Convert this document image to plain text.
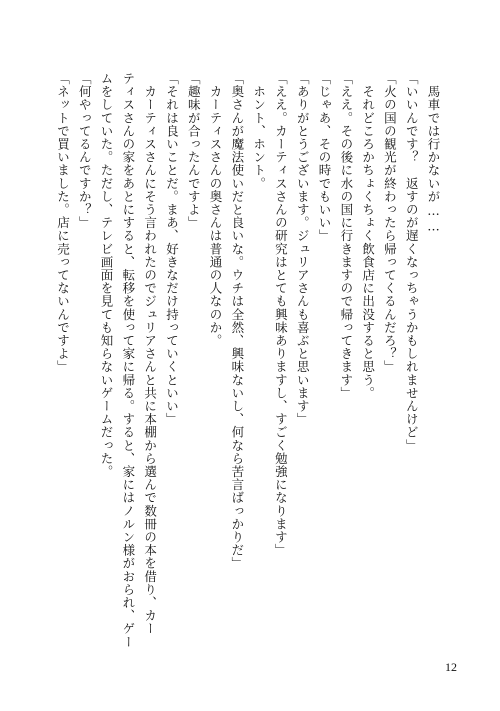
　馬車では行かないが……
「いいんです？　返すのが遅くなっちゃうかもしれませんけど」
「火の国の観光が終わったら帰ってくるんだろ？」
　それどころかちょくちょく飲食店に出没すると思う。
「ええ。その後に水の国に行きますので帰ってきます」
「じゃあ、その時でもいい」
「ありがとうございます。ジュリアさんも喜ぶと思います」
「ええ。カーティスさんの研究はとても興味ありますし、すごく勉強になります」
　ホント、ホント。
「奥さんが魔法使いだと良いな。ウチは全然、興味ないし、何なら苦言ばっかりだ」
　カーティスさんの奥さんは普通の人なのか。
「趣味が合ったんですよ」
「それは良いことだ。まあ、好きなだけ持っていくといい」
　カーティスさんにそう言われたのでジュリアさんと共に本棚から選んで数冊の本を借り、カー
ティスさんの家をあとにすると、転移を使って家に帰る。すると、家にはノルン様がおられ、ゲー
ムをしていた。ただし、テレビ画面を見ても知らないゲームだった。
「何やってるんですか？」
「ネットで買いました。店に売ってないんですよ」
12
